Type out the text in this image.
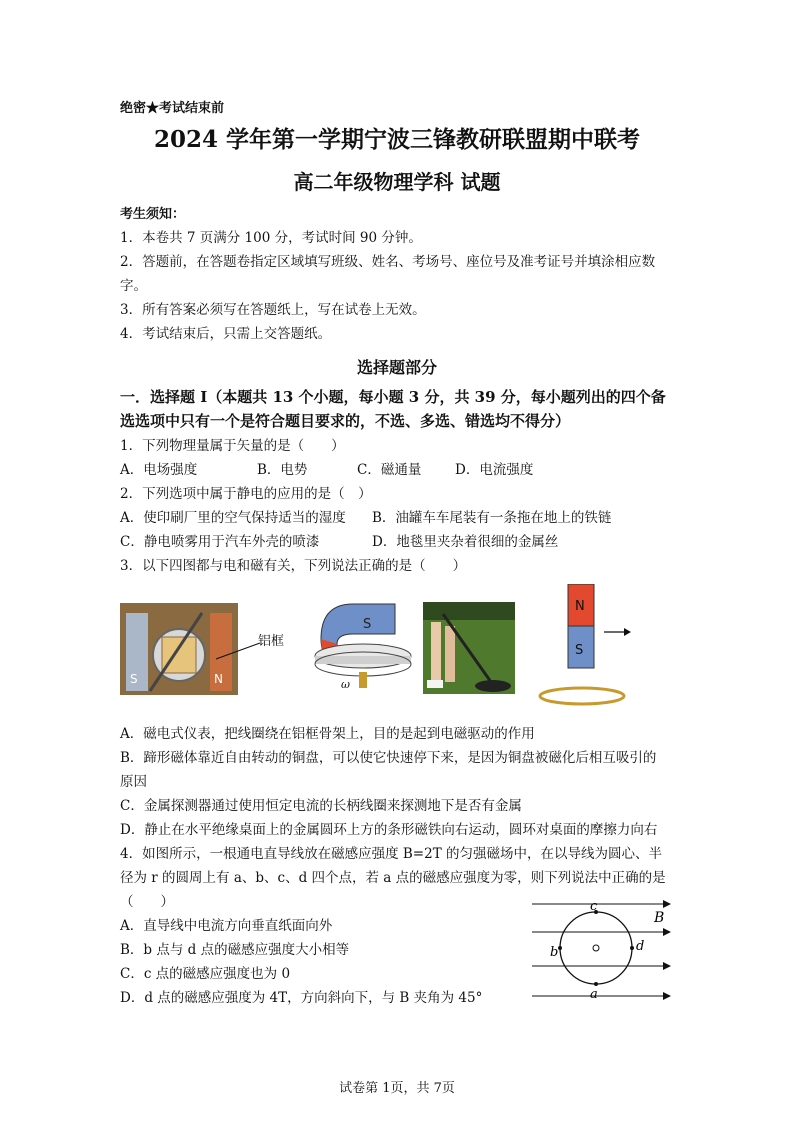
绝密★考试结束前
2024 学年第一学期宁波三锋教研联盟期中联考
高二年级物理学科 试题
考生须知：
1．本卷共 7 页满分 100 分，考试时间 90 分钟。
2．答题前，在答题卷指定区域填写班级、姓名、考场号、座位号及准考证号并填涂相应数
字。
3．所有答案必须写在答题纸上，写在试卷上无效。
4．考试结束后，只需上交答题纸。
选择题部分
一．选择题 I（本题共 13 个小题，每小题 3 分，共 39 分，每小题列出的四个备
选选项中只有一个是符合题目要求的，不选、多选、错选均不得分）
1．下列物理量属于矢量的是（　　）
A．电场强度	B．电势	C．磁通量 D．电流强度
2．下列选项中属于静电的应用的是（　）
A．使印刷厂里的空气保持适当的湿度 B．油罐车车尾装有一条拖在地上的铁链
C．静电喷雾用于汽车外壳的喷漆	D．地毯里夹杂着很细的金属丝
3．以下四图都与电和磁有关，下列说法正确的是（　　）
S	N
铝框
S
ω
N
S
A．磁电式仪表，把线圈绕在铝框骨架上，目的是起到电磁驱动的作用
B．蹄形磁体靠近自由转动的铜盘，可以使它快速停下来，是因为铜盘被磁化后相互吸引的
原因
C．金属探测器通过使用恒定电流的长柄线圈来探测地下是否有金属
D．静止在水平绝缘桌面上的金属圆环上方的条形磁铁向右运动，圆环对桌面的摩擦力向右
4．如图所示，一根通电直导线放在磁感应强度 B=2T 的匀强磁场中，在以导线为圆心、半
径为 r 的圆周上有 a、b、c、d 四个点，若 a 点的磁感应强度为零，则下列说法中正确的是
（　　）
A．直导线中电流方向垂直纸面向外
B．b 点与 d 点的磁感应强度大小相等
C．c 点的磁感应强度也为 0
D．d 点的磁感应强度为 4T，方向斜向下，与 B 夹角为 45°
c
a
b	d
B
试卷第 1页，共 7页
